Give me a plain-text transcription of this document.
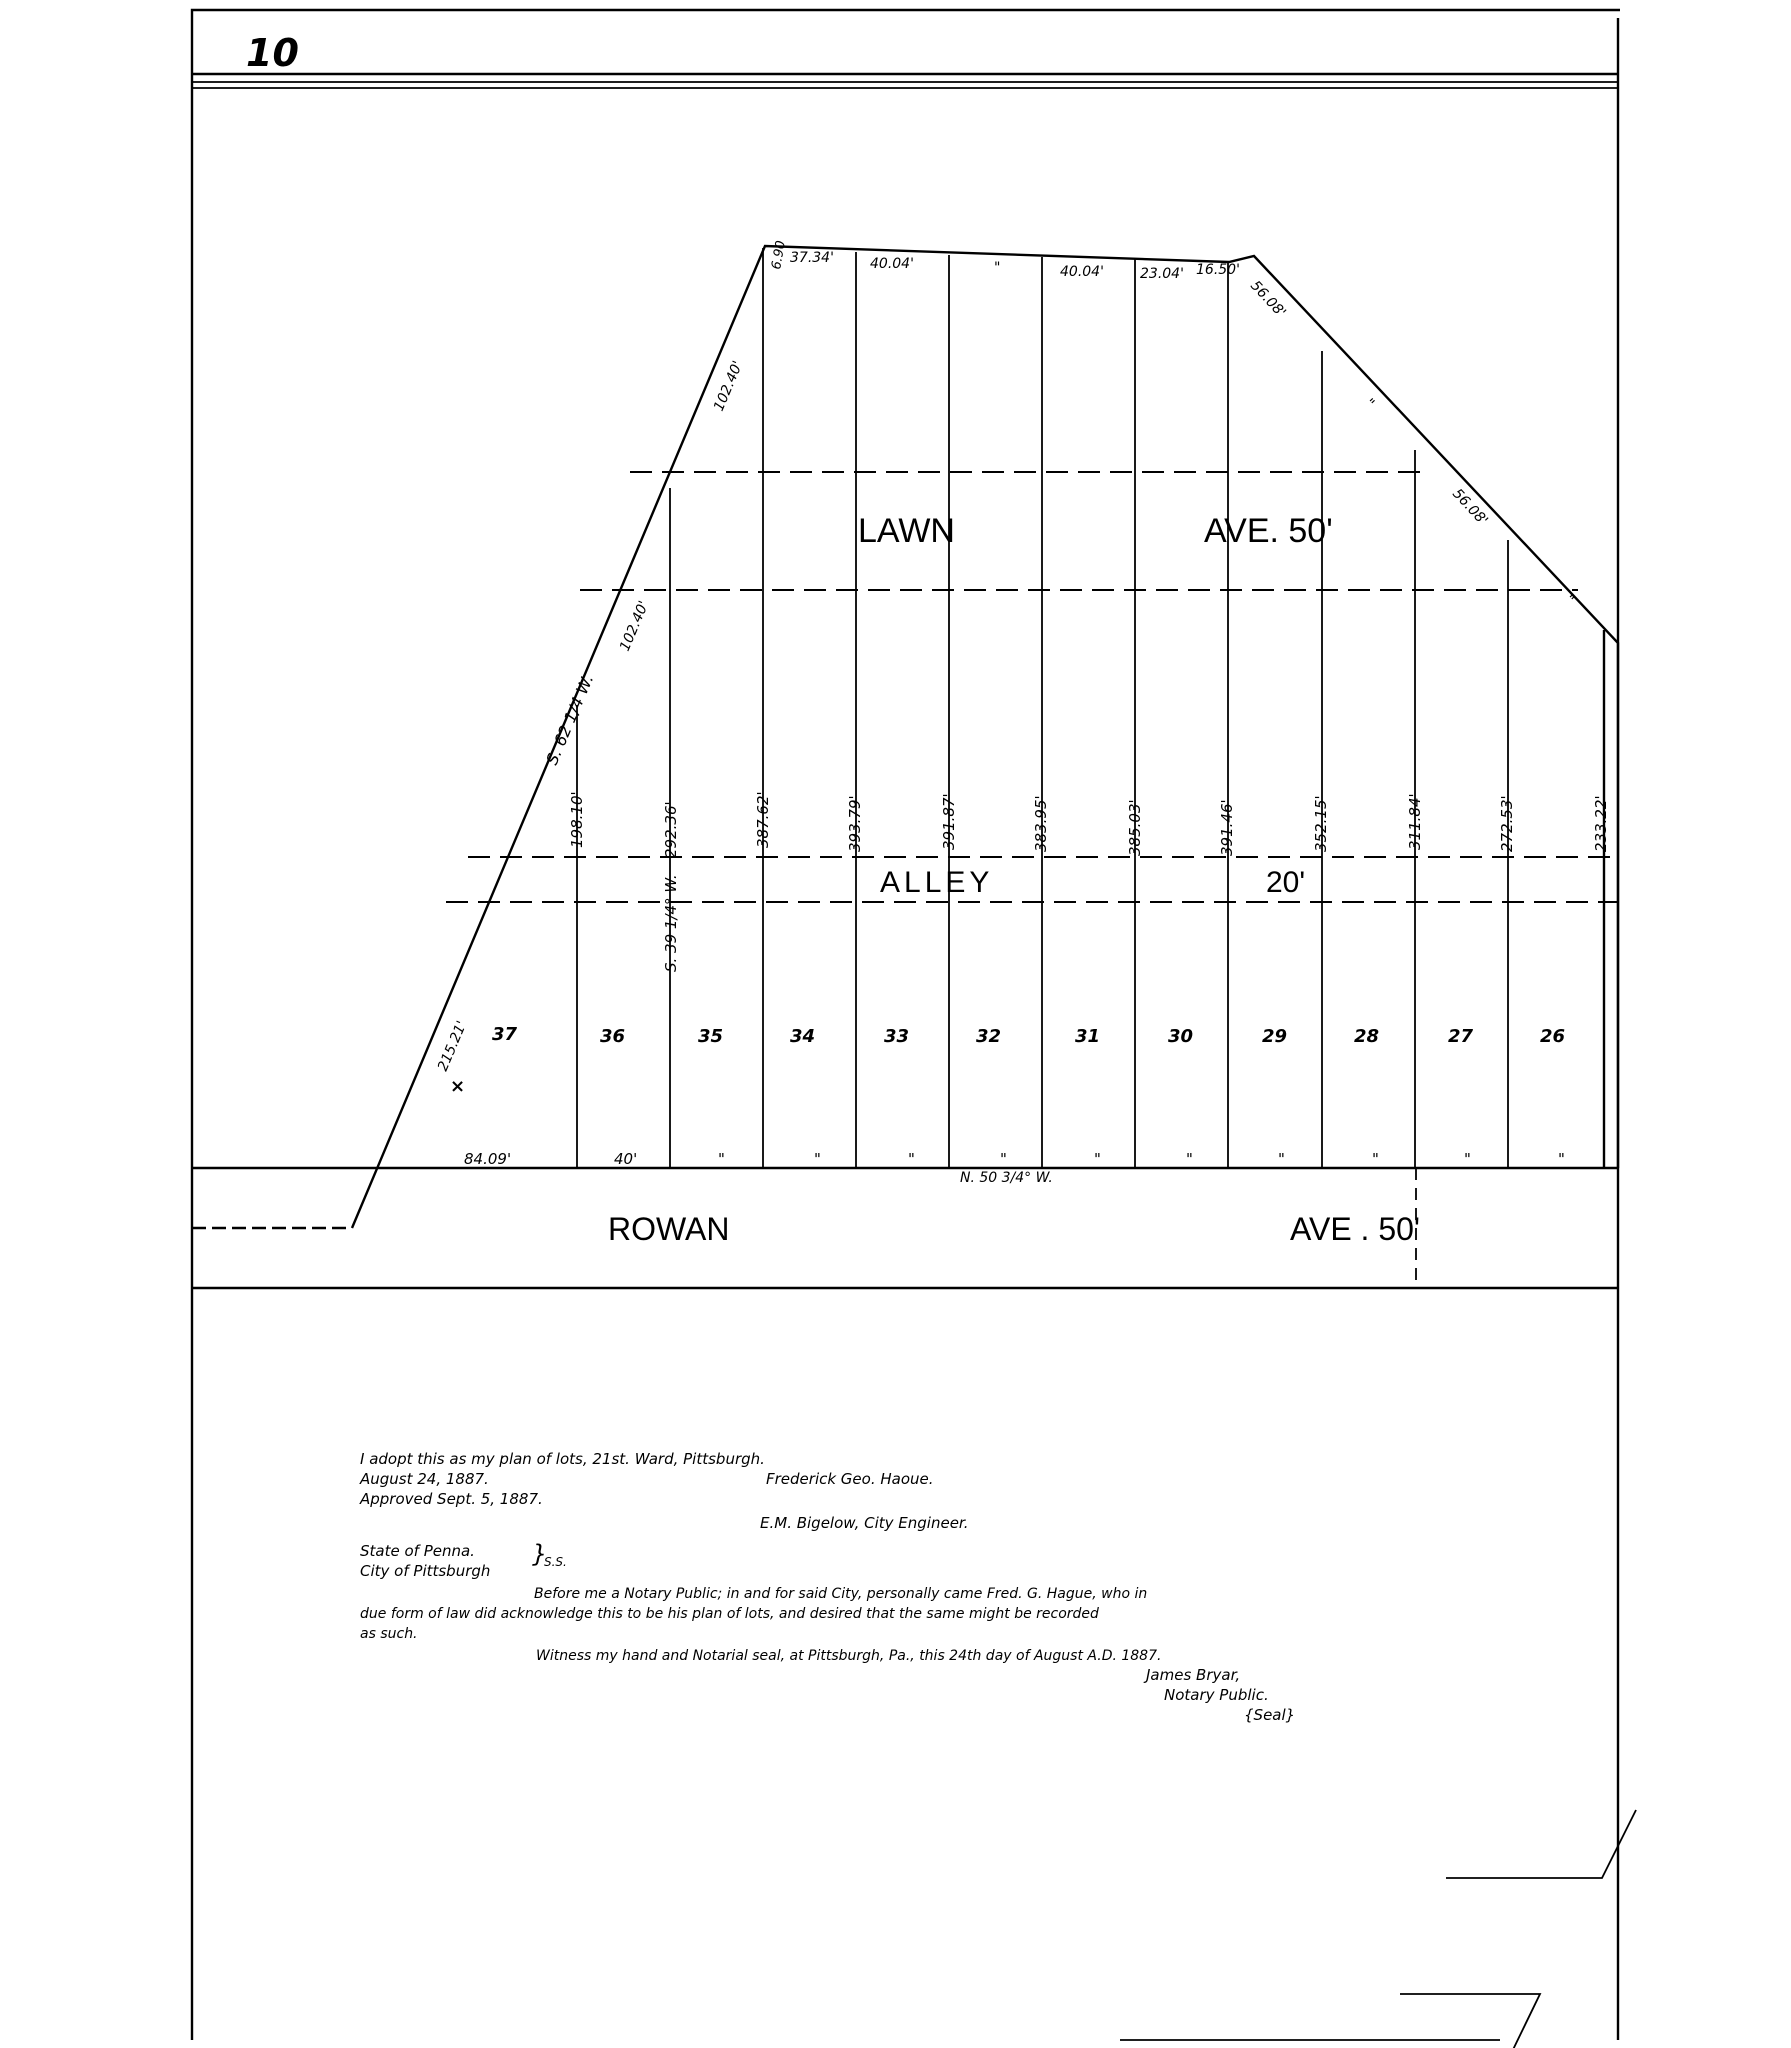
10
LAWN	AVE. 50'
ALLEY	20'
ROWAN	AVE . 50'
37	36	35	34	33	32	31	30	29	28	27	26
198.10'	292.36'	387.62'	393.79'	391.87'	383.95'	385.03'	391.46'	352.15'	311.84'	272.53'	233.22'
84.09'	40'	"	"	"	"	"	"	"	"	"	"
N. 50 3/4° W.
6.90 37.34'	40.04'	"	40.04'	23.04' 16.50'
S. 62 1/4 W.
102.40'
102.40'
215.21'
×
S. 39 1/4° W.
56.08'
"
56.08'
"
I adopt this as my plan of lots, 21st. Ward, Pittsburgh.
August 24, 1887.	Frederick Geo. Haoue.
Approved Sept. 5, 1887.
E.M. Bigelow, City Engineer.
State of Penna.
City of Pittsburgh
}
S.S.
Before me a Notary Public; in and for said City, personally came Fred. G. Hague, who in
due form of law did acknowledge this to be his plan of lots, and desired that the same might be recorded
as such.
Witness my hand and Notarial seal, at Pittsburgh, Pa., this 24th day of August A.D. 1887.
James Bryar,
Notary Public.
{Seal}
